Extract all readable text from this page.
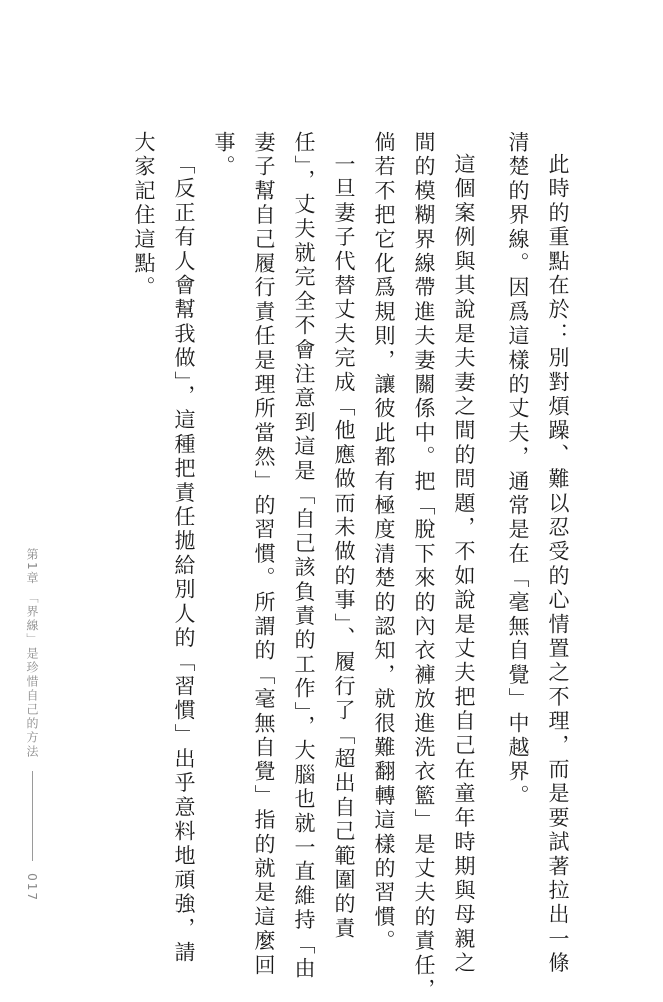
此時的重點在於：別對煩躁、難以忍受的心情置之不理，而是要試著拉出一條
清楚的界線。因爲這樣的丈夫，通常是在「毫無自覺」中越界。
這個案例與其說是夫妻之間的問題，不如說是丈夫把自己在童年時期與母親之
間的模糊界線帶進夫妻關係中。把「脫下來的內衣褲放進洗衣籃」是丈夫的責任，
倘若不把它化爲規則，讓彼此都有極度清楚的認知，就很難翻轉這樣的習慣。
一旦妻子代替丈夫完成「他應做而未做的事」、履行了「超出自己範圍的責
任」，丈夫就完全不會注意到這是「自己該負責的工作」，大腦也就一直維持「由
妻子幫自己履行責任是理所當然」的習慣。所謂的「毫無自覺」指的就是這麼回
事。
「反正有人會幫我做」，這種把責任拋給別人的「習慣」出乎意料地頑強，請
大家記住這點。
第1章 「界線」是珍惜自己的方法  017
